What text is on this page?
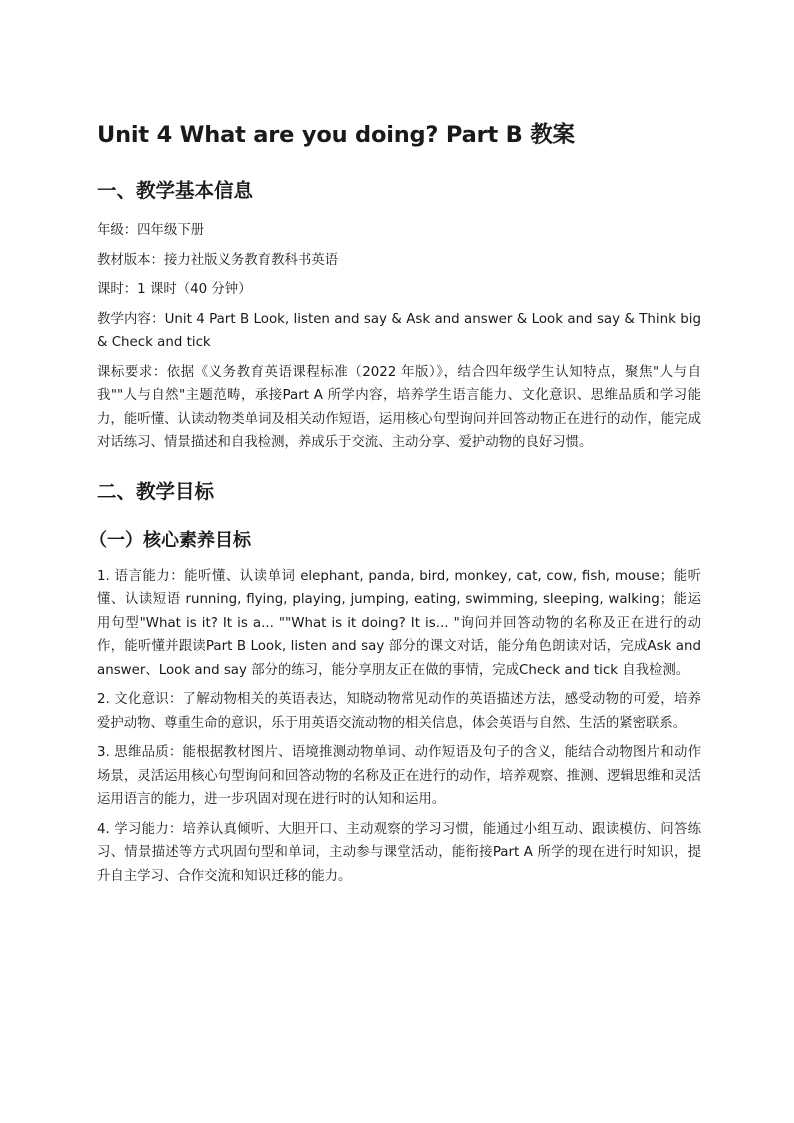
Unit 4 What are you doing? Part B 教案
一、教学基本信息

年级：四年级下册

教材版本：接力社版义务教育教科书英语

课时：1 课时（40 分钟）

教学内容：Unit 4 Part B Look, listen and say & Ask and answer & Look and say & Think big & Check and tick

课标要求：依据《义务教育英语课程标准（2022 年版）》，结合四年级学生认知特点，聚焦"人与自我""人与自然"主题范畴，承接Part A 所学内容，培养学生语言能力、文化意识、思维品质和学习能力，能听懂、认读动物类单词及相关动作短语，运用核心句型询问并回答动物正在进行的动作，能完成对话练习、情景描述和自我检测，养成乐于交流、主动分享、爱护动物的良好习惯。

二、教学目标
（一）核心素养目标

1. 语言能力：能听懂、认读单词 elephant, panda, bird, monkey, cat, cow, fish, mouse；能听懂、认读短语 running, flying, playing, jumping, eating, swimming, sleeping, walking；能运用句型"What is it? It is a... ""What is it doing? It is... "询问并回答动物的名称及正在进行的动作，能听懂并跟读Part B Look, listen and say 部分的课文对话，能分角色朗读对话，完成Ask and answer、Look and say 部分的练习，能分享朋友正在做的事情，完成Check and tick 自我检测。

2. 文化意识：了解动物相关的英语表达，知晓动物常见动作的英语描述方法，感受动物的可爱，培养爱护动物、尊重生命的意识，乐于用英语交流动物的相关信息，体会英语与自然、生活的紧密联系。

3. 思维品质：能根据教材图片、语境推测动物单词、动作短语及句子的含义，能结合动物图片和动作场景，灵活运用核心句型询问和回答动物的名称及正在进行的动作，培养观察、推测、逻辑思维和灵活运用语言的能力，进一步巩固对现在进行时的认知和运用。

4. 学习能力：培养认真倾听、大胆开口、主动观察的学习习惯，能通过小组互动、跟读模仿、问答练习、情景描述等方式巩固句型和单词，主动参与课堂活动，能衔接Part A 所学的现在进行时知识，提升自主学习、合作交流和知识迁移的能力。
